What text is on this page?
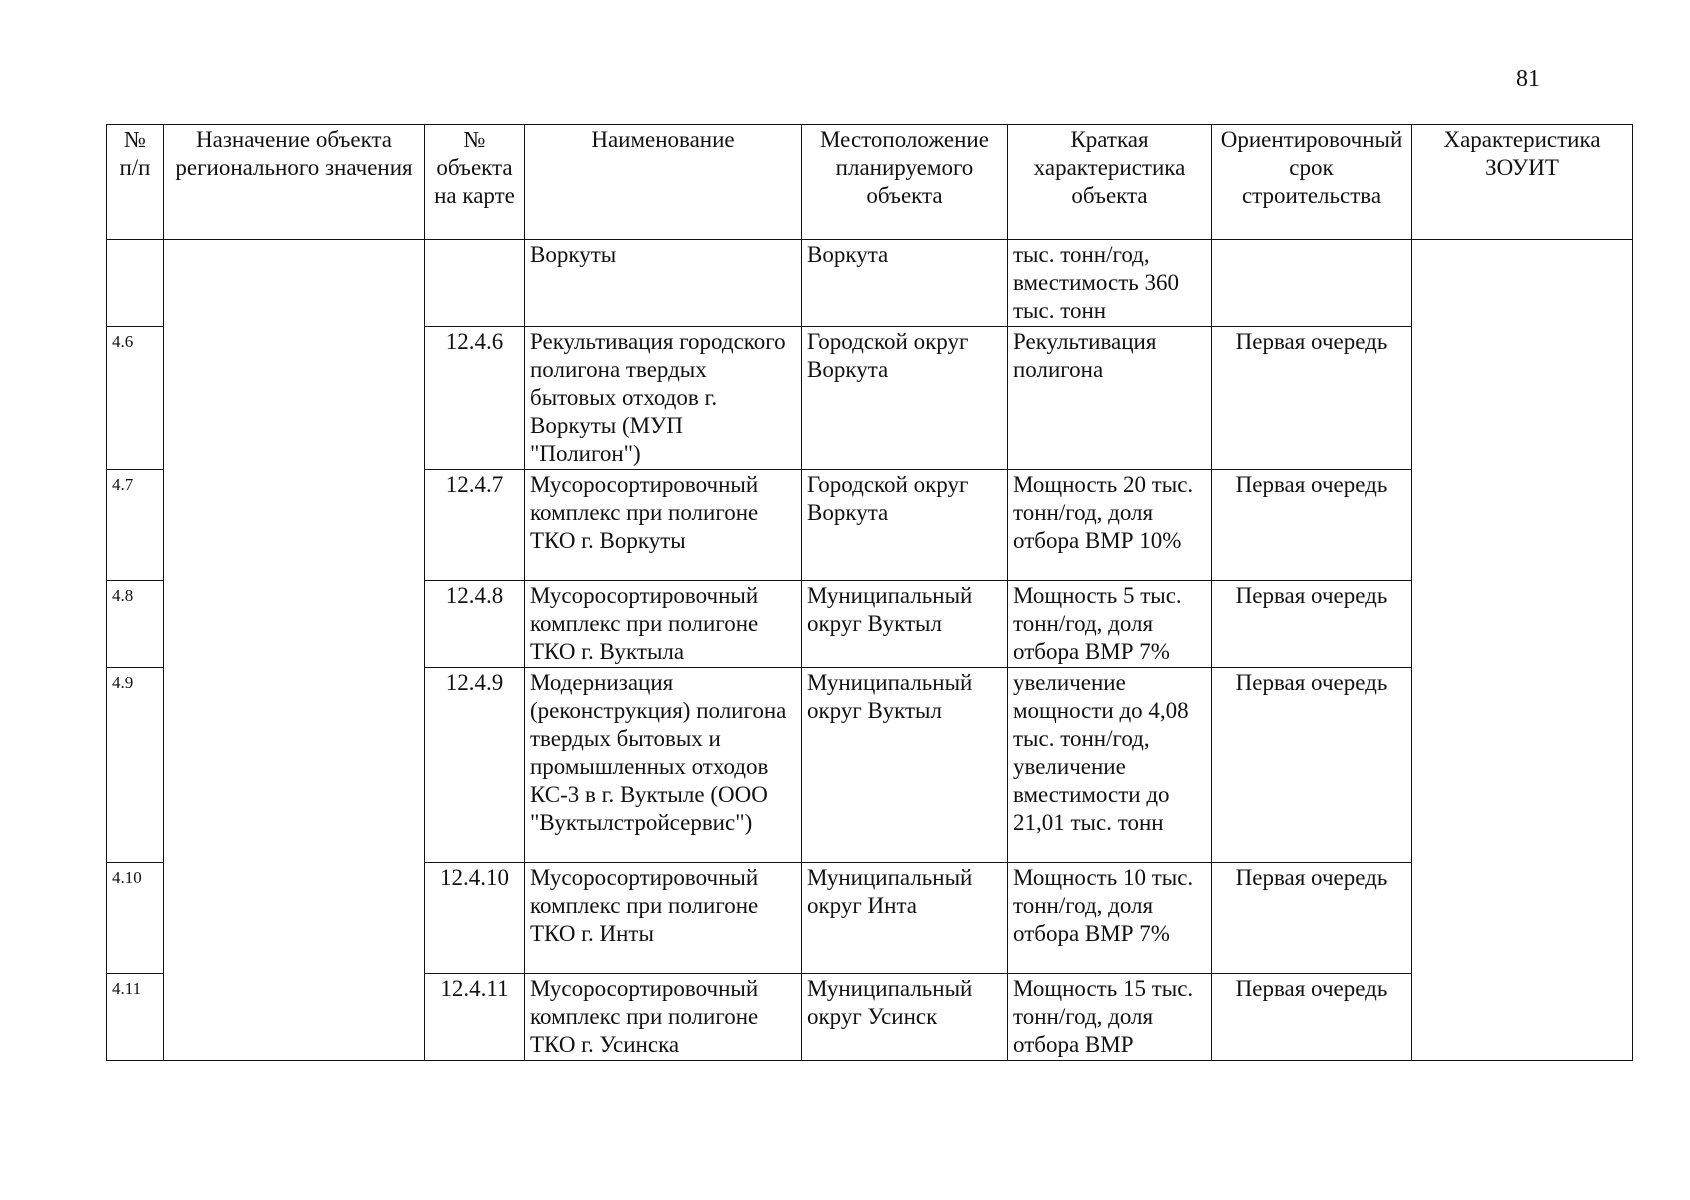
81
№ п/п	Назначение объекта регионального значения	№ объекта на карте	Наименование	Местоположение планируемого объекта	Краткая характеристика объекта	Ориентировочный срок строительства	Характеристика ЗОУИТ
			Воркуты	Воркута	тыс. тонн/год, вместимость 360 тыс. тонн		
4.6		12.4.6	Рекультивация городского полигона твердых бытовых отходов г. Воркуты (МУП "Полигон")	Городской округ Воркута	Рекультивация полигона	Первая очередь	
4.7		12.4.7	Мусоросортировочный комплекс при полигоне ТКО г. Воркуты	Городской округ Воркута	Мощность 20 тыс. тонн/год, доля отбора ВМР 10%	Первая очередь	
4.8		12.4.8	Мусоросортировочный комплекс при полигоне ТКО г. Вуктыла	Муниципальный округ Вуктыл	Мощность 5 тыс. тонн/год, доля отбора ВМР 7%	Первая очередь	
4.9		12.4.9	Модернизация (реконструкция) полигона твердых бытовых и промышленных отходов КС-3 в г. Вуктыле (ООО "Вуктылстройсервис")	Муниципальный округ Вуктыл	увеличение мощности до 4,08 тыс. тонн/год, увеличение вместимости до 21,01 тыс. тонн	Первая очередь	
4.10		12.4.10	Мусоросортировочный комплекс при полигоне ТКО г. Инты	Муниципальный округ Инта	Мощность 10 тыс. тонн/год, доля отбора ВМР 7%	Первая очередь	
4.11		12.4.11	Мусоросортировочный комплекс при полигоне ТКО г. Усинска	Муниципальный округ Усинск	Мощность 15 тыс. тонн/год, доля отбора ВМР	Первая очередь	
